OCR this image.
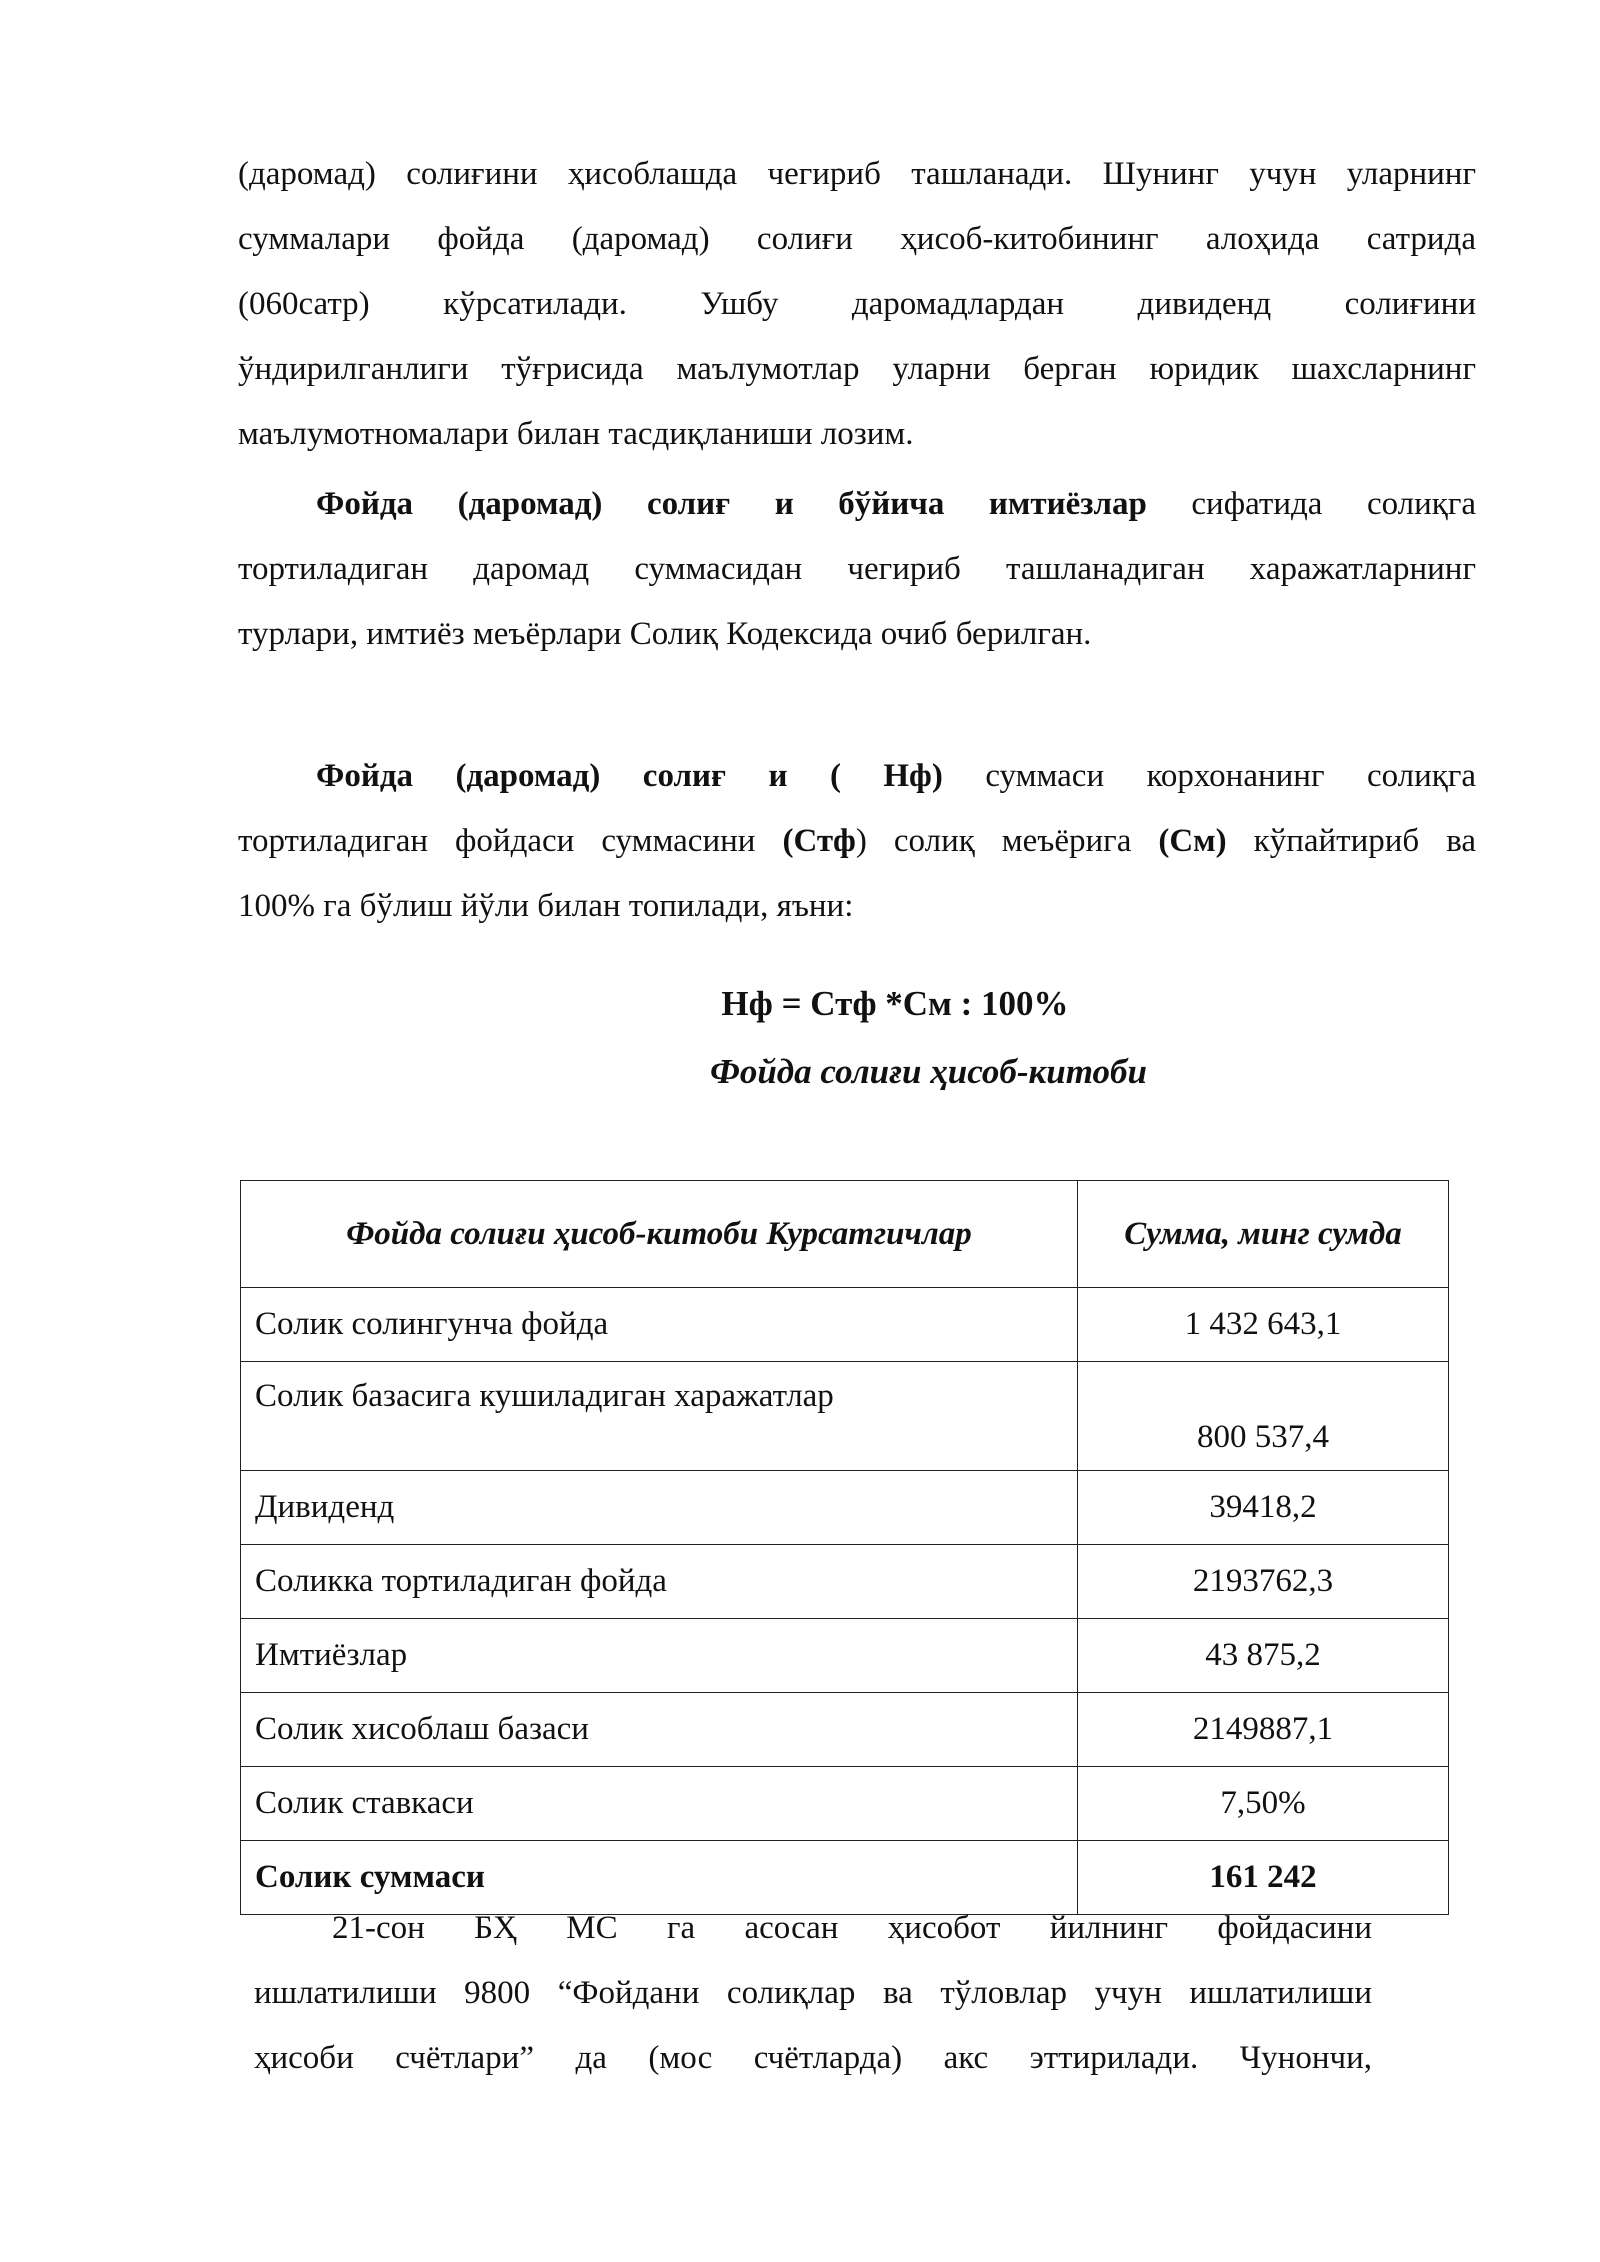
(даромад) солиғини ҳисоблашда чегириб ташланади. Шунинг учун уларнинг
суммалари фойда (даромад) солиғи ҳисоб-китобининг алоҳида сатрида
(060сатр) кўрсатилади. Ушбу даромадлардан дивиденд солиғини
ўндирилганлиги тўғрисида маълумотлар уларни берган юридик шахсларнинг
маълумотномалари билан тасдиқланиши лозим.
Фойда (даромад) солиғ и бўйича имтиёзлар сифатида солиқга
тортиладиган даромад суммасидан чегириб ташланадиган харажатларнинг
турлари, имтиёз меъёрлари Солиқ Кодексида очиб берилган.
Фойда (даромад) солиғ и ( Нф) суммаси корхонанинг солиқга
тортиладиган фойдаси суммасини (Стф) солиқ меъёрига (См) кўпайтириб ва
100% га бўлиш йўли билан топилади, яъни:
Нф = Стф *См : 100%
Фойда солиғи ҳисоб-китоби
Фойда солиғи ҳисоб-китоби Курсатгичлар	Сумма, минг сумда
Солик солингунча фойда	1 432 643,1
Солик базасига кушиладиган харажатлар	800 537,4
Дивиденд	39418,2
Соликка тортиладиган фойда	2193762,3
Имтиёзлар	43 875,2
Солик хисоблаш базаси	2149887,1
Солик ставкаси	7,50%
Солик суммаси	161 242
21-сон БҲ МС га асосан ҳисобот йилнинг фойдасини
ишлатилиши 9800 “Фойдани солиқлар ва тўловлар учун ишлатилиши
ҳисоби счётлари” да (мос счётларда) акс эттирилади. Чунончи,
